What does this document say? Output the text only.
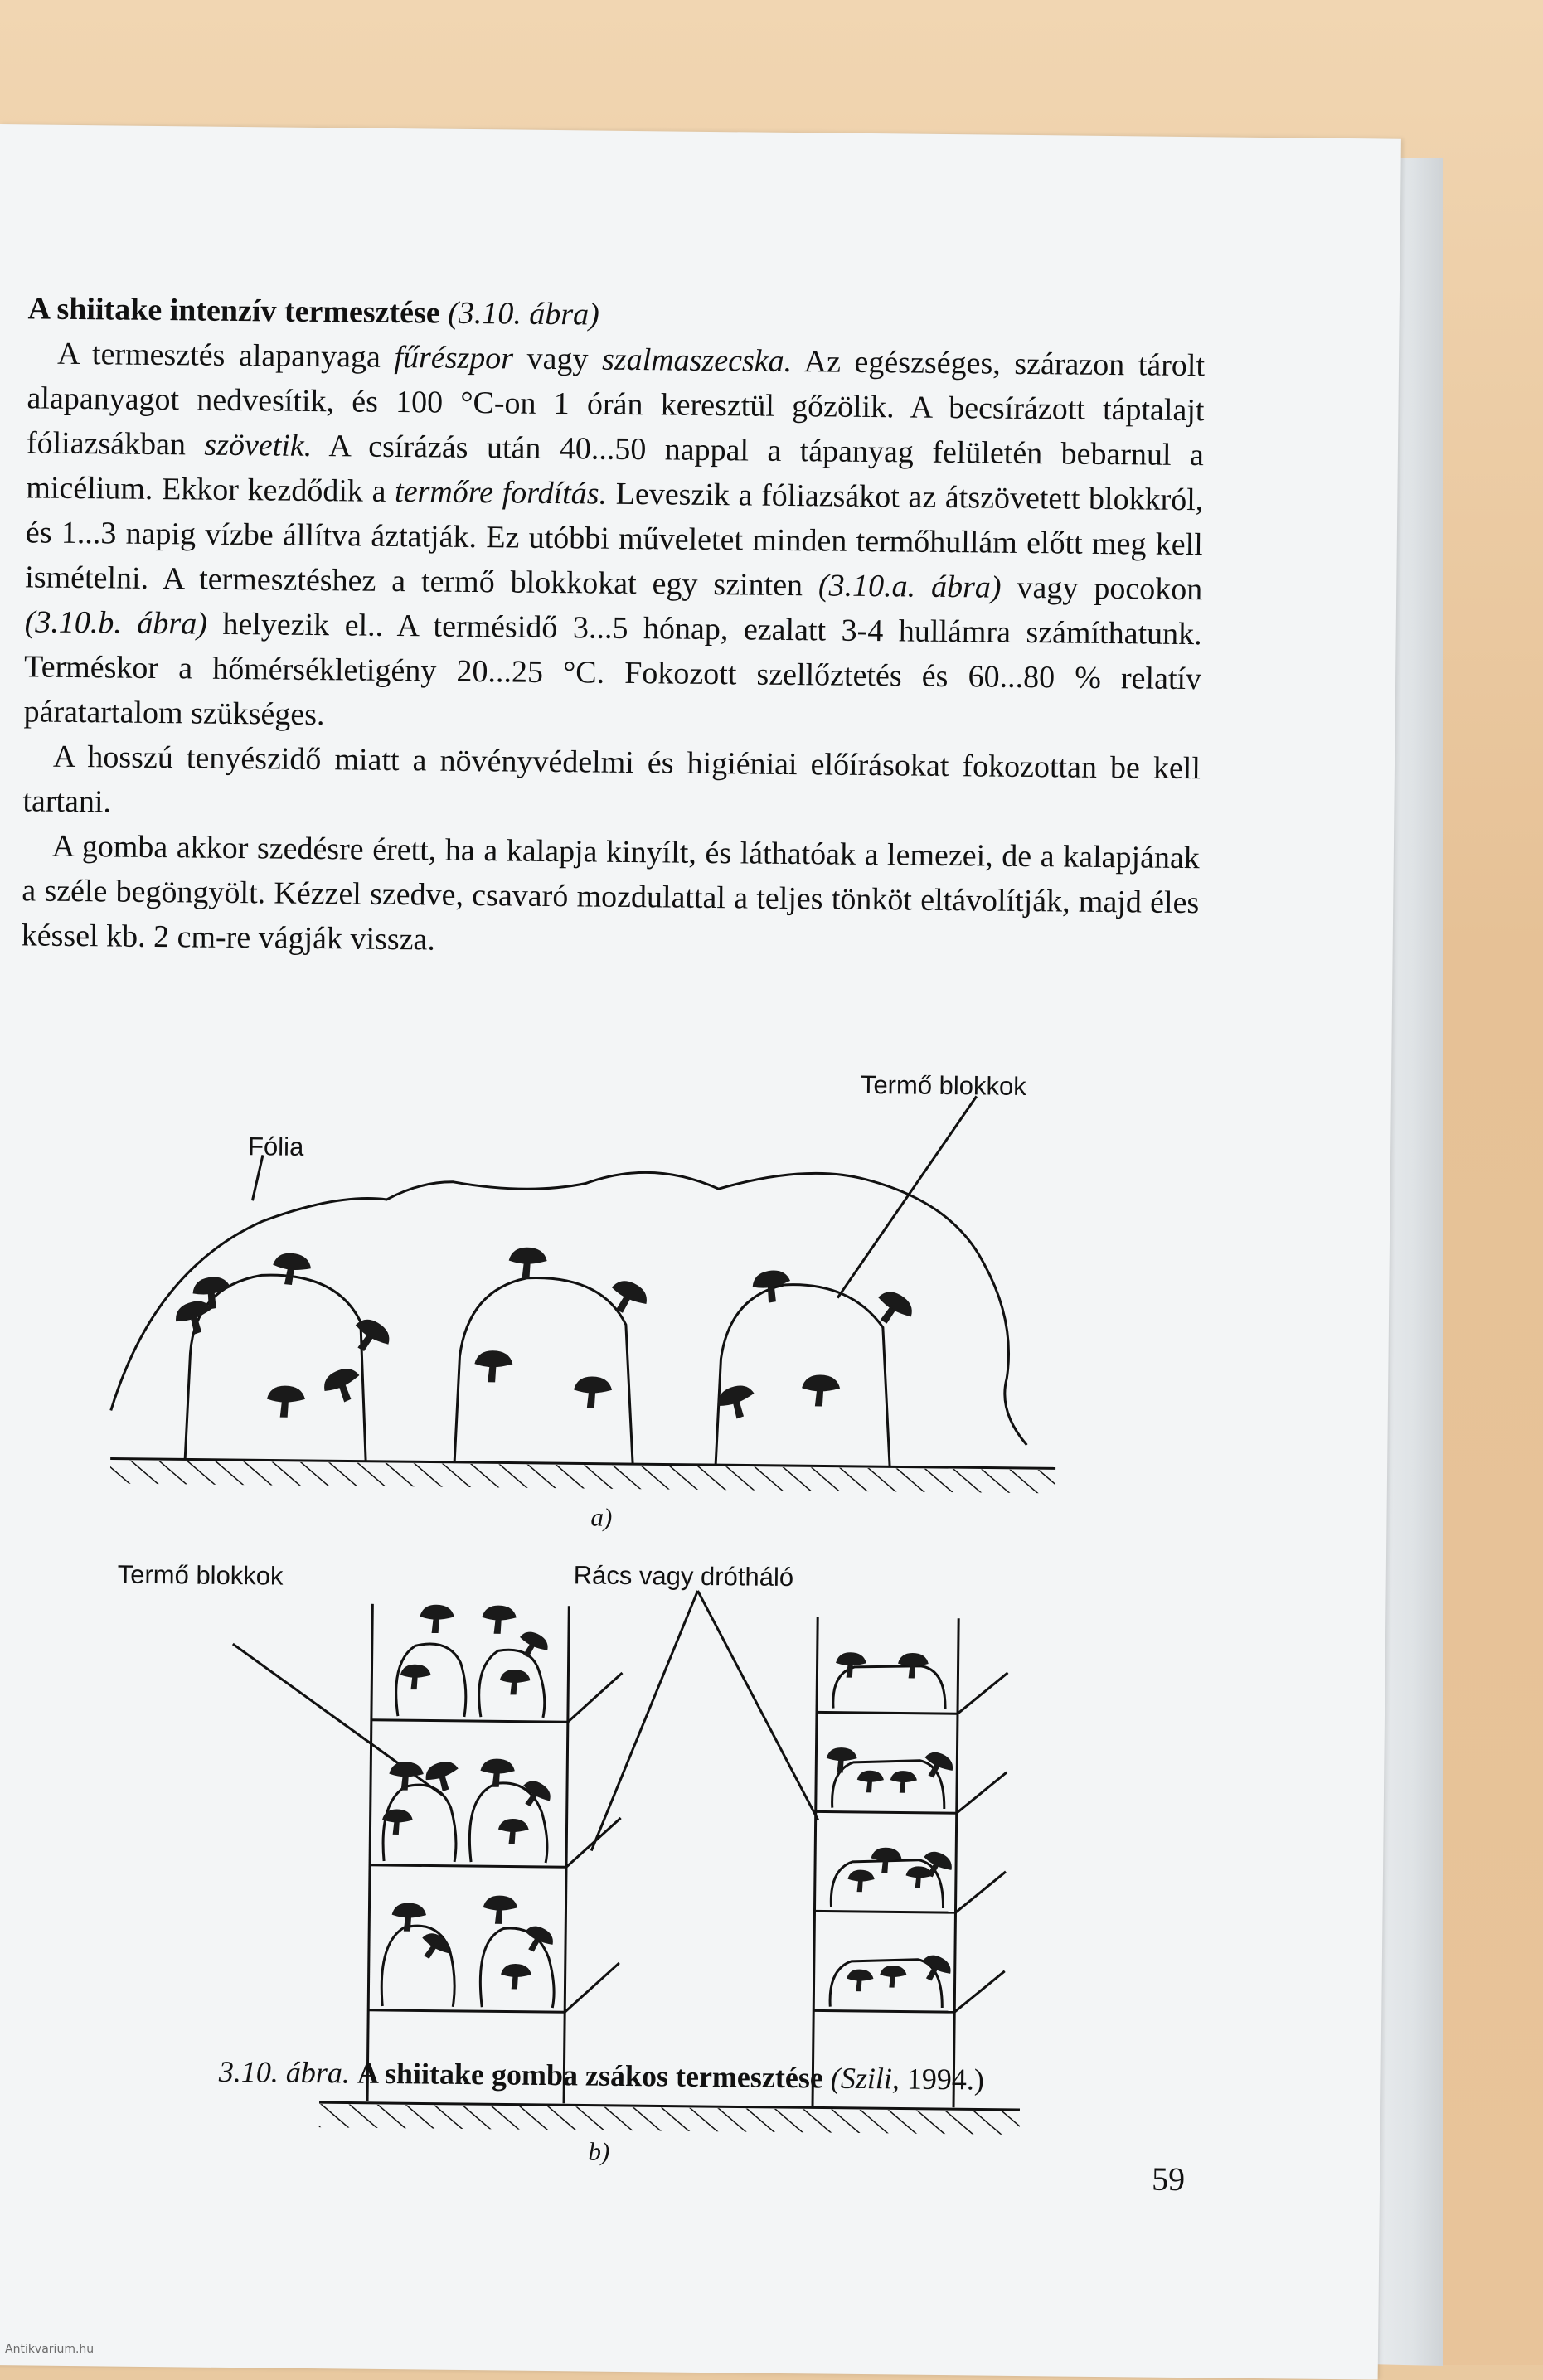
A shiitake intenzív termesztése (3.10. ábra)

A termesztés alapanyaga fűrészpor vagy szalmaszecska. Az egészséges, szárazon tárolt alapanyagot nedvesítik, és 100 °C-on 1 órán keresztül gőzölik. A becsírázott táptalajt fóliazsákban szövetik. A csírázás után 40...50 nappal a tápanyag felületén bebarnul a micélium. Ekkor kezdődik a termőre fordítás. Leveszik a fóliazsákot az átszövetett blokkról, és 1...3 napig vízbe állítva áztatják. Ez utóbbi műveletet minden termőhullám előtt meg kell ismételni. A termesztéshez a termő blokkokat egy szinten (3.10.a. ábra) vagy pocokon (3.10.b. ábra) helyezik el.. A termésidő 3...5 hónap, ezalatt 3-4 hullámra számíthatunk. Terméskor a hőmérsékletigény 20...25 °C. Fokozott szellőztetés és 60...80 % relatív páratartalom szükséges.

A hosszú tenyészidő miatt a növényvédelmi és higiéniai előírásokat fokozottan be kell tartani.

A gomba akkor szedésre érett, ha a kalapja kinyílt, és láthatóak a lemezei, de a kalapjának a széle begöngyölt. Kézzel szedve, csavaró mozdulattal a teljes tönköt eltávolítják, majd éles késsel kb. 2 cm-re vágják vissza.

Termő blokkok
Fólia
a)
Termő blokkok	Rács vagy drótháló
b)
3.10. ábra. A shiitake gomba zsákos termesztése (Szili, 1994.)
59
Antikvarium.hu
